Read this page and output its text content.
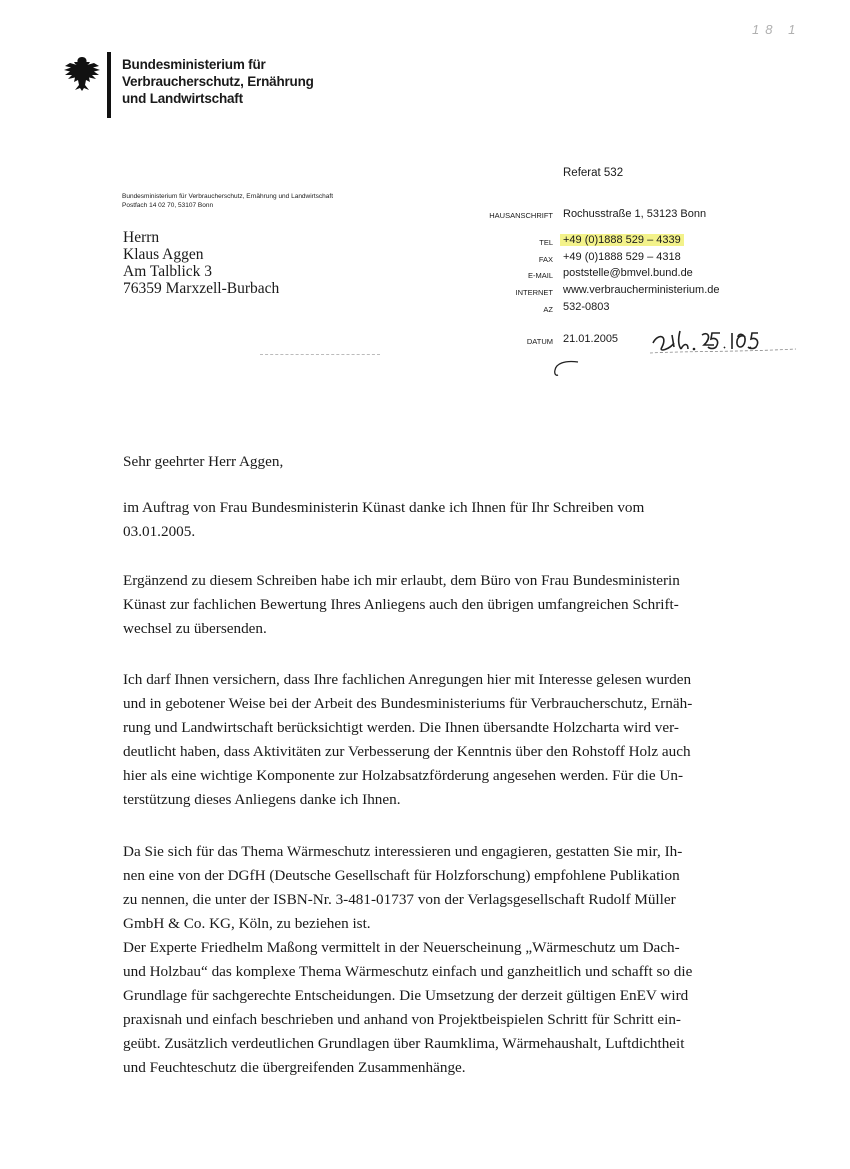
Bundesministerium für
Verbraucherschutz, Ernährung
und Landwirtschaft
18 1
Bundesministerium für Verbraucherschutz, Ernährung und Landwirtschaft
Postfach 14 02 70, 53107 Bonn
Herrn
Klaus Aggen
Am Talblick 3
76359 Marxzell-Burbach
Referat 532
HAUSANSCHRIFT Rochusstraße 1, 53123 Bonn
TEL +49 (0)1888 529 – 4339
FAX +49 (0)1888 529 – 4318
E-MAIL poststelle@bmvel.bund.de
INTERNET www.verbraucherministerium.de
AZ 532-0803
DATUM 21.01.2005
Sehr geehrter Herr Aggen,
im Auftrag von Frau Bundesministerin Künast danke ich Ihnen für Ihr Schreiben vom
03.01.2005.
Ergänzend zu diesem Schreiben habe ich mir erlaubt, dem Büro von Frau Bundesministerin
Künast zur fachlichen Bewertung Ihres Anliegens auch den übrigen umfangreichen Schrift-
wechsel zu übersenden.
Ich darf Ihnen versichern, dass Ihre fachlichen Anregungen hier mit Interesse gelesen wurden
und in gebotener Weise bei der Arbeit des Bundesministeriums für Verbraucherschutz, Ernäh-
rung und Landwirtschaft berücksichtigt werden. Die Ihnen übersandte Holzcharta wird ver-
deutlicht haben, dass Aktivitäten zur Verbesserung der Kenntnis über den Rohstoff Holz auch
hier als eine wichtige Komponente zur Holzabsatzförderung angesehen werden. Für die Un-
terstützung dieses Anliegens danke ich Ihnen.
Da Sie sich für das Thema Wärmeschutz interessieren und engagieren, gestatten Sie mir, Ih-
nen eine von der DGfH (Deutsche Gesellschaft für Holzforschung) empfohlene Publikation
zu nennen, die unter der ISBN-Nr. 3-481-01737 von der Verlagsgesellschaft Rudolf Müller
GmbH & Co. KG, Köln, zu beziehen ist.
Der Experte Friedhelm Maßong vermittelt in der Neuerscheinung „Wärmeschutz um Dach-
und Holzbau“ das komplexe Thema Wärmeschutz einfach und ganzheitlich und schafft so die
Grundlage für sachgerechte Entscheidungen. Die Umsetzung der derzeit gültigen EnEV wird
praxisnah und einfach beschrieben und anhand von Projektbeispielen Schritt für Schritt ein-
geübt. Zusätzlich verdeutlichen Grundlagen über Raumklima, Wärmehaushalt, Luftdichtheit
und Feuchteschutz die übergreifenden Zusammenhänge.
